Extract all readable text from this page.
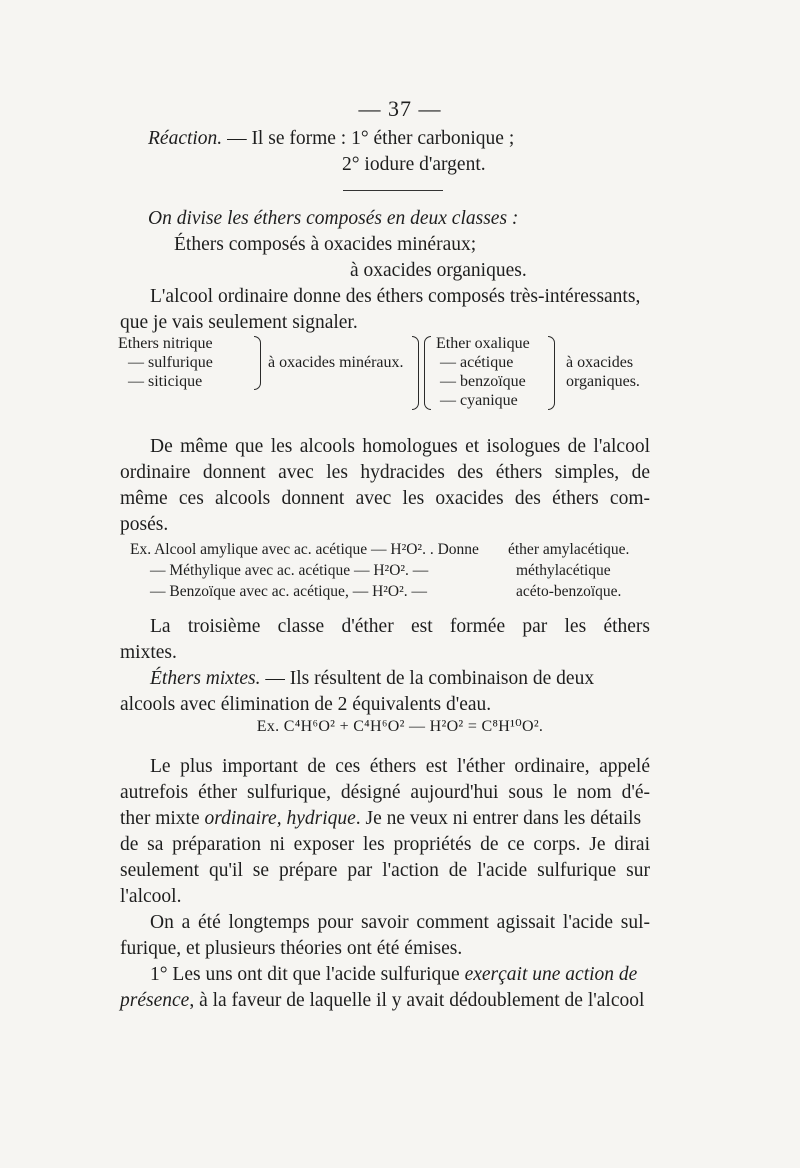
— 37 —
Réaction. — Il se forme : 1° éther carbonique ;
2° iodure d'argent.
On divise les éthers composés en deux classes :
Éthers composés à oxacides minéraux;
à oxacides organiques.
L'alcool ordinaire donne des éthers composés très-intéressants,
que je vais seulement signaler.
Ethers nitrique
— sulfurique
— siticique
à oxacides minéraux.
Ether oxalique
— acétique
— benzoïque
— cyanique
à oxacides
organiques.
De même que les alcools homologues et isologues de l'alcool
ordinaire donnent avec les hydracides des éthers simples, de
même ces alcools donnent avec les oxacides des éthers com-
posés.
Ex. Alcool amylique avec ac. acétique — H²O². . Donne éther amylacétique.
— Méthylique avec ac. acétique — H²O². —	méthylacétique
— Benzoïque avec ac. acétique, — H²O². —	acéto-benzoïque.
La troisième classe d'éther est formée par les éthers
mixtes.
Éthers mixtes. — Ils résultent de la combinaison de deux
alcools avec élimination de 2 équivalents d'eau.
Ex. C⁴H⁶O² + C⁴H⁶O² — H²O² = C⁸H¹⁰O².
Le plus important de ces éthers est l'éther ordinaire, appelé
autrefois éther sulfurique, désigné aujourd'hui sous le nom d'é-
ther mixte ordinaire, hydrique. Je ne veux ni entrer dans les détails
de sa préparation ni exposer les propriétés de ce corps. Je dirai
seulement qu'il se prépare par l'action de l'acide sulfurique sur
l'alcool.
On a été longtemps pour savoir comment agissait l'acide sul-
furique, et plusieurs théories ont été émises.
1° Les uns ont dit que l'acide sulfurique exerçait une action de
présence, à la faveur de laquelle il y avait dédoublement de l'alcool
